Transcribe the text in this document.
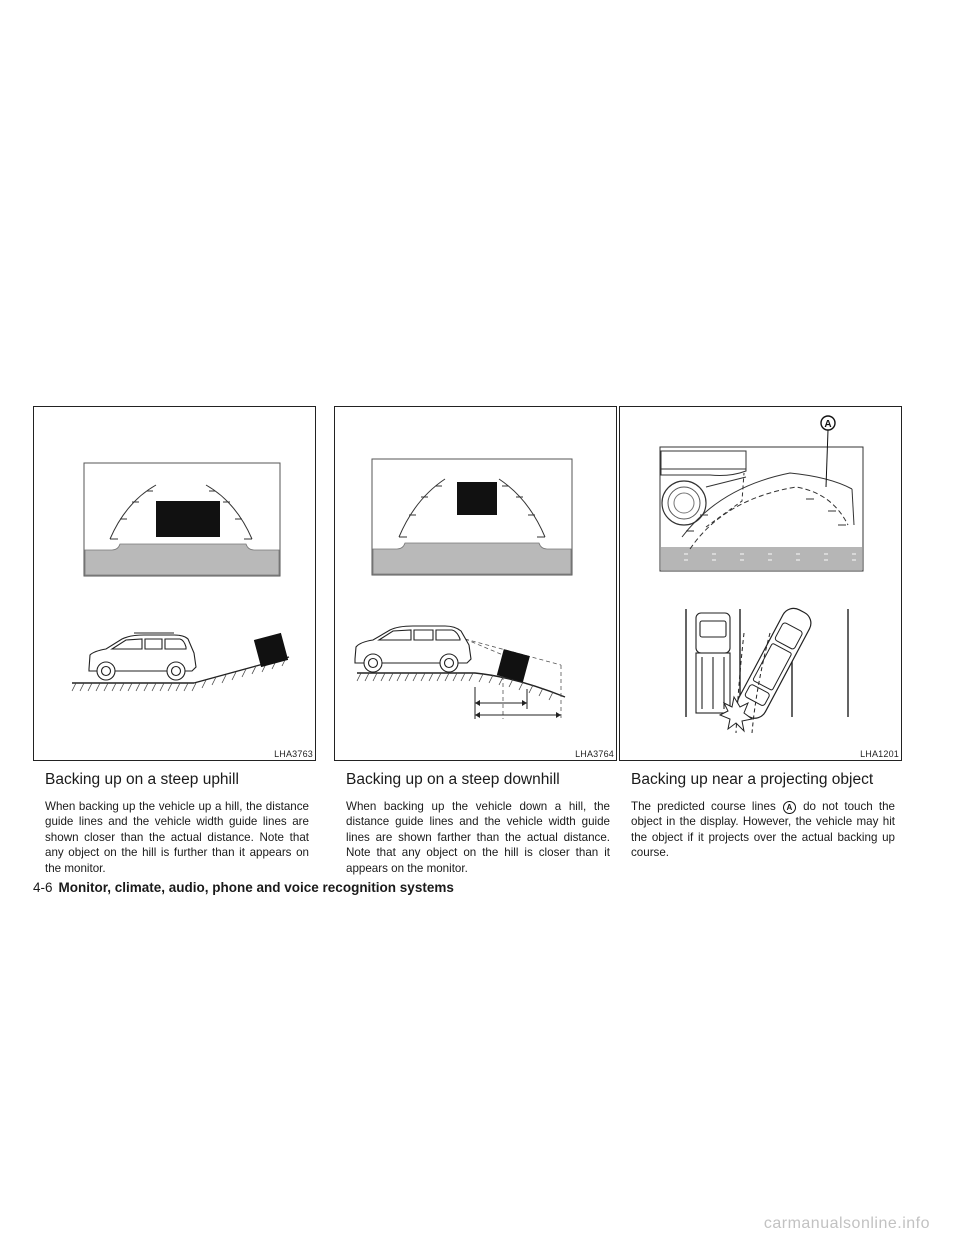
LHA3763
Backing up on a steep uphill

When backing up the vehicle up a hill, the distance guide lines and the vehicle width guide lines are shown closer than the actual distance. Note that any object on the hill is further than it appears on the monitor.

LHA3764
Backing up on a steep downhill

When backing up the vehicle down a hill, the distance guide lines and the vehicle width guide lines are shown farther than the actual distance. Note that any object on the hill is closer than it appears on the monitor.

A
LHA1201
Backing up near a projecting object

The predicted course lines A do not touch the object in the display. However, the vehicle may hit the object if it projects over the actual backing up course.

4-6 Monitor, climate, audio, phone and voice recognition systems
carmanualsonline.info
